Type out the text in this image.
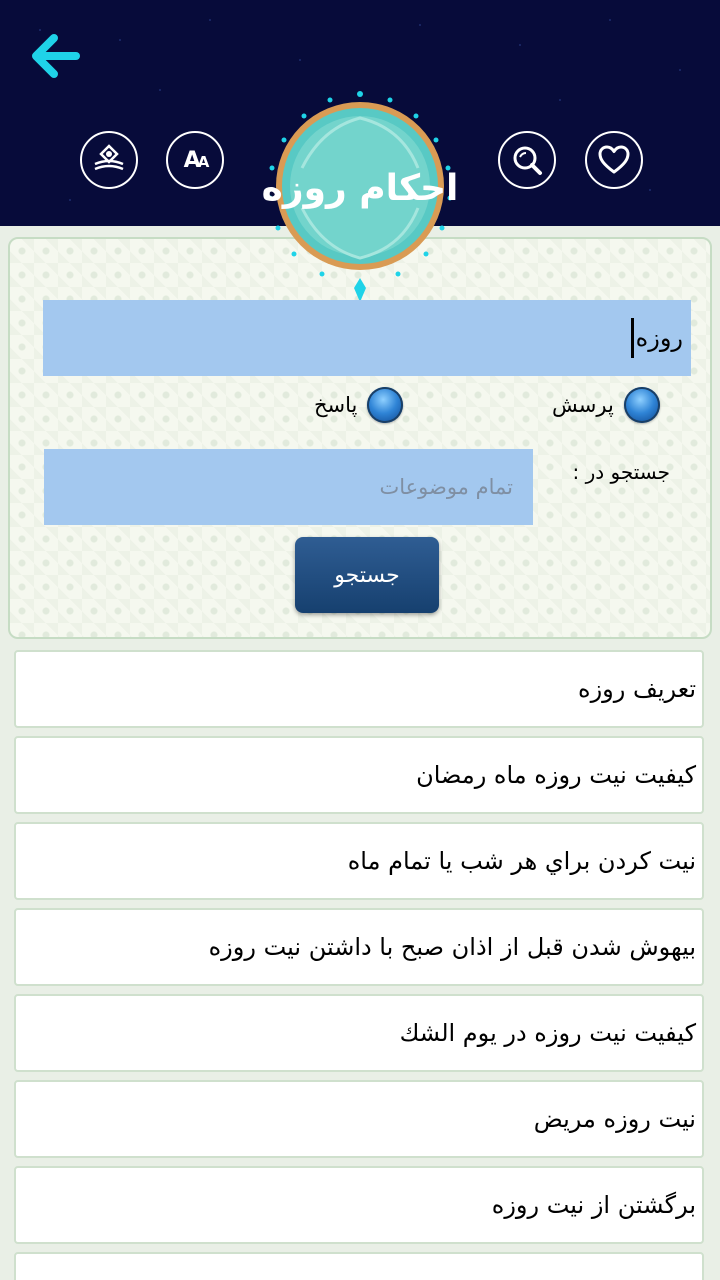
AA
احکام روزه
روزه
پرسش
پاسخ
جستجو در :
تمام موضوعات
جستجو
تعریف روزه
کیفیت نیت روزه ماه رمضان
نیت کردن براي هر شب یا تمام ماه
بیهوش شدن قبل از اذان صبح با داشتن نیت روزه
کیفیت نیت روزه در یوم الشك
نیت روزه مریض
برگشتن از نیت روزه
